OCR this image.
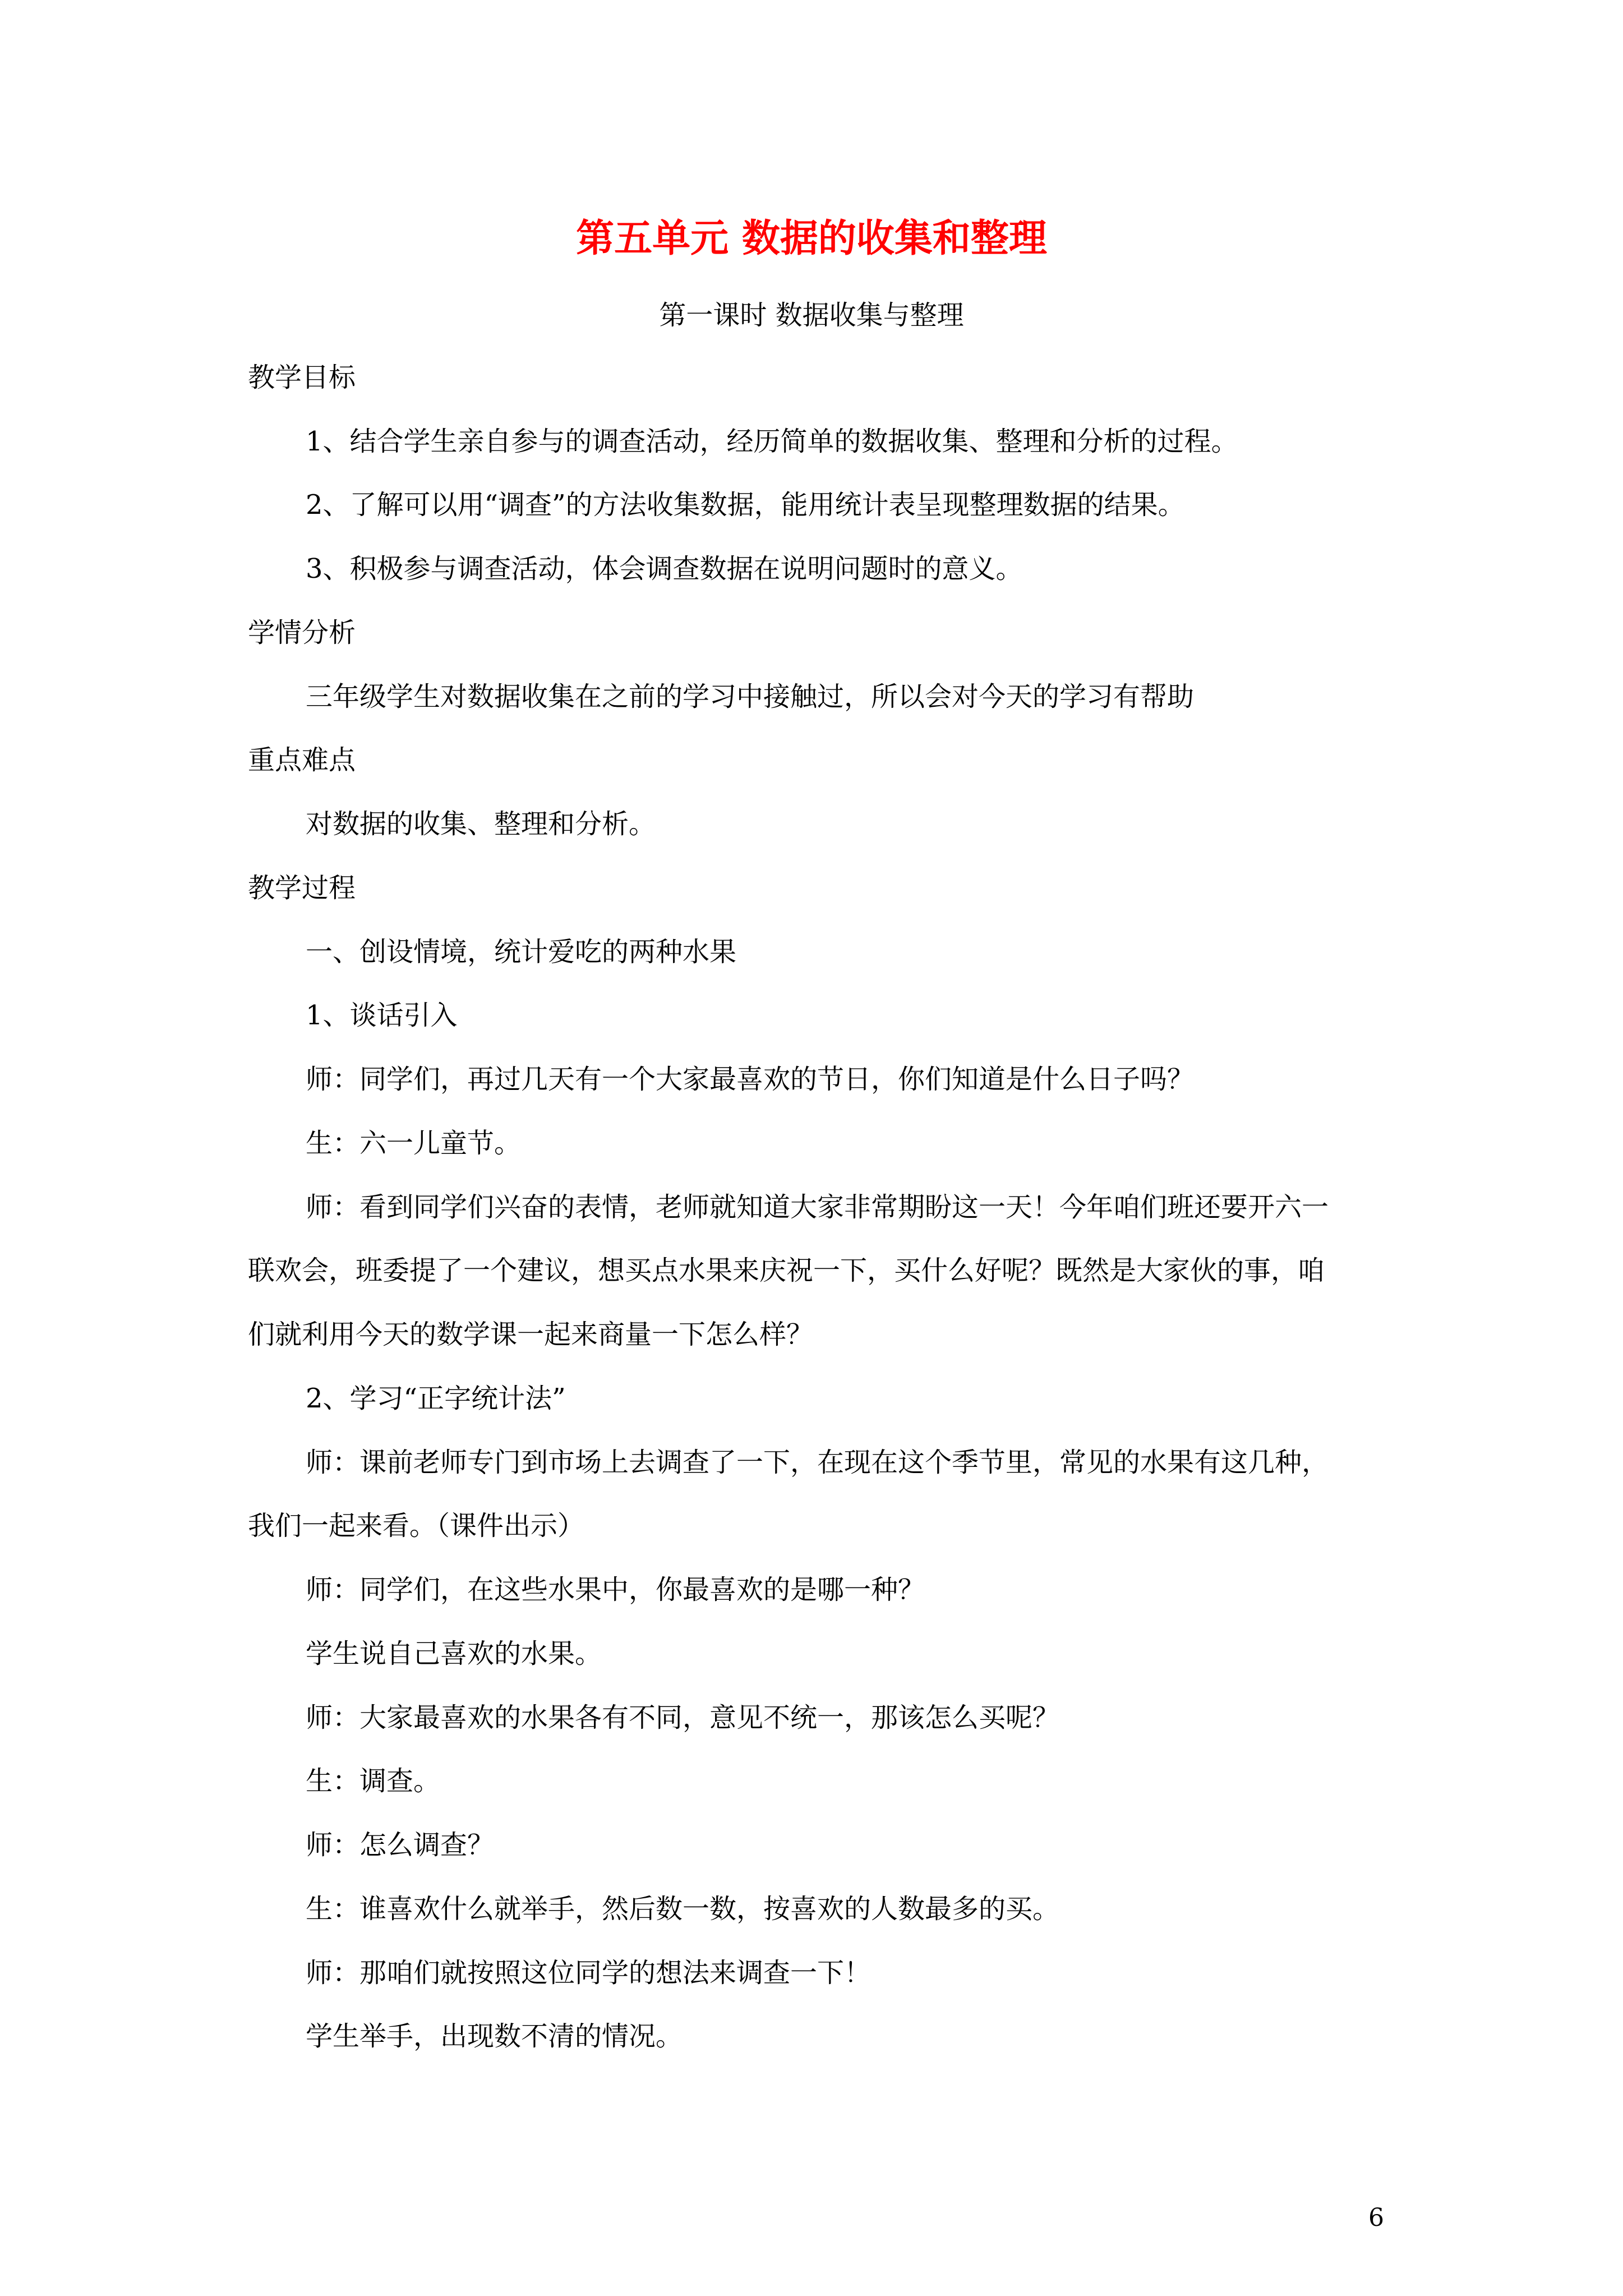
第五单元 数据的收集和整理
第一课时 数据收集与整理
教学目标
1、结合学生亲自参与的调查活动，经历简单的数据收集、整理和分析的过程。
2、了解可以用“调查”的方法收集数据，能用统计表呈现整理数据的结果。
3、积极参与调查活动，体会调查数据在说明问题时的意义。
学情分析
三年级学生对数据收集在之前的学习中接触过，所以会对今天的学习有帮助
重点难点
对数据的收集、整理和分析。
教学过程
一、创设情境，统计爱吃的两种水果
1、谈话引入
师：同学们，再过几天有一个大家最喜欢的节日，你们知道是什么日子吗？
生：六一儿童节。
师：看到同学们兴奋的表情，老师就知道大家非常期盼这一天！今年咱们班还要开六一
联欢会，班委提了一个建议，想买点水果来庆祝一下，买什么好呢？既然是大家伙的事，咱
们就利用今天的数学课一起来商量一下怎么样？
2、学习“正字统计法”
师：课前老师专门到市场上去调查了一下，在现在这个季节里，常见的水果有这几种，
我们一起来看。（课件出示）
师：同学们，在这些水果中，你最喜欢的是哪一种？
学生说自己喜欢的水果。
师：大家最喜欢的水果各有不同，意见不统一，那该怎么买呢？
生：调查。
师：怎么调查？
生：谁喜欢什么就举手，然后数一数，按喜欢的人数最多的买。
师：那咱们就按照这位同学的想法来调查一下！
学生举手，出现数不清的情况。
6
